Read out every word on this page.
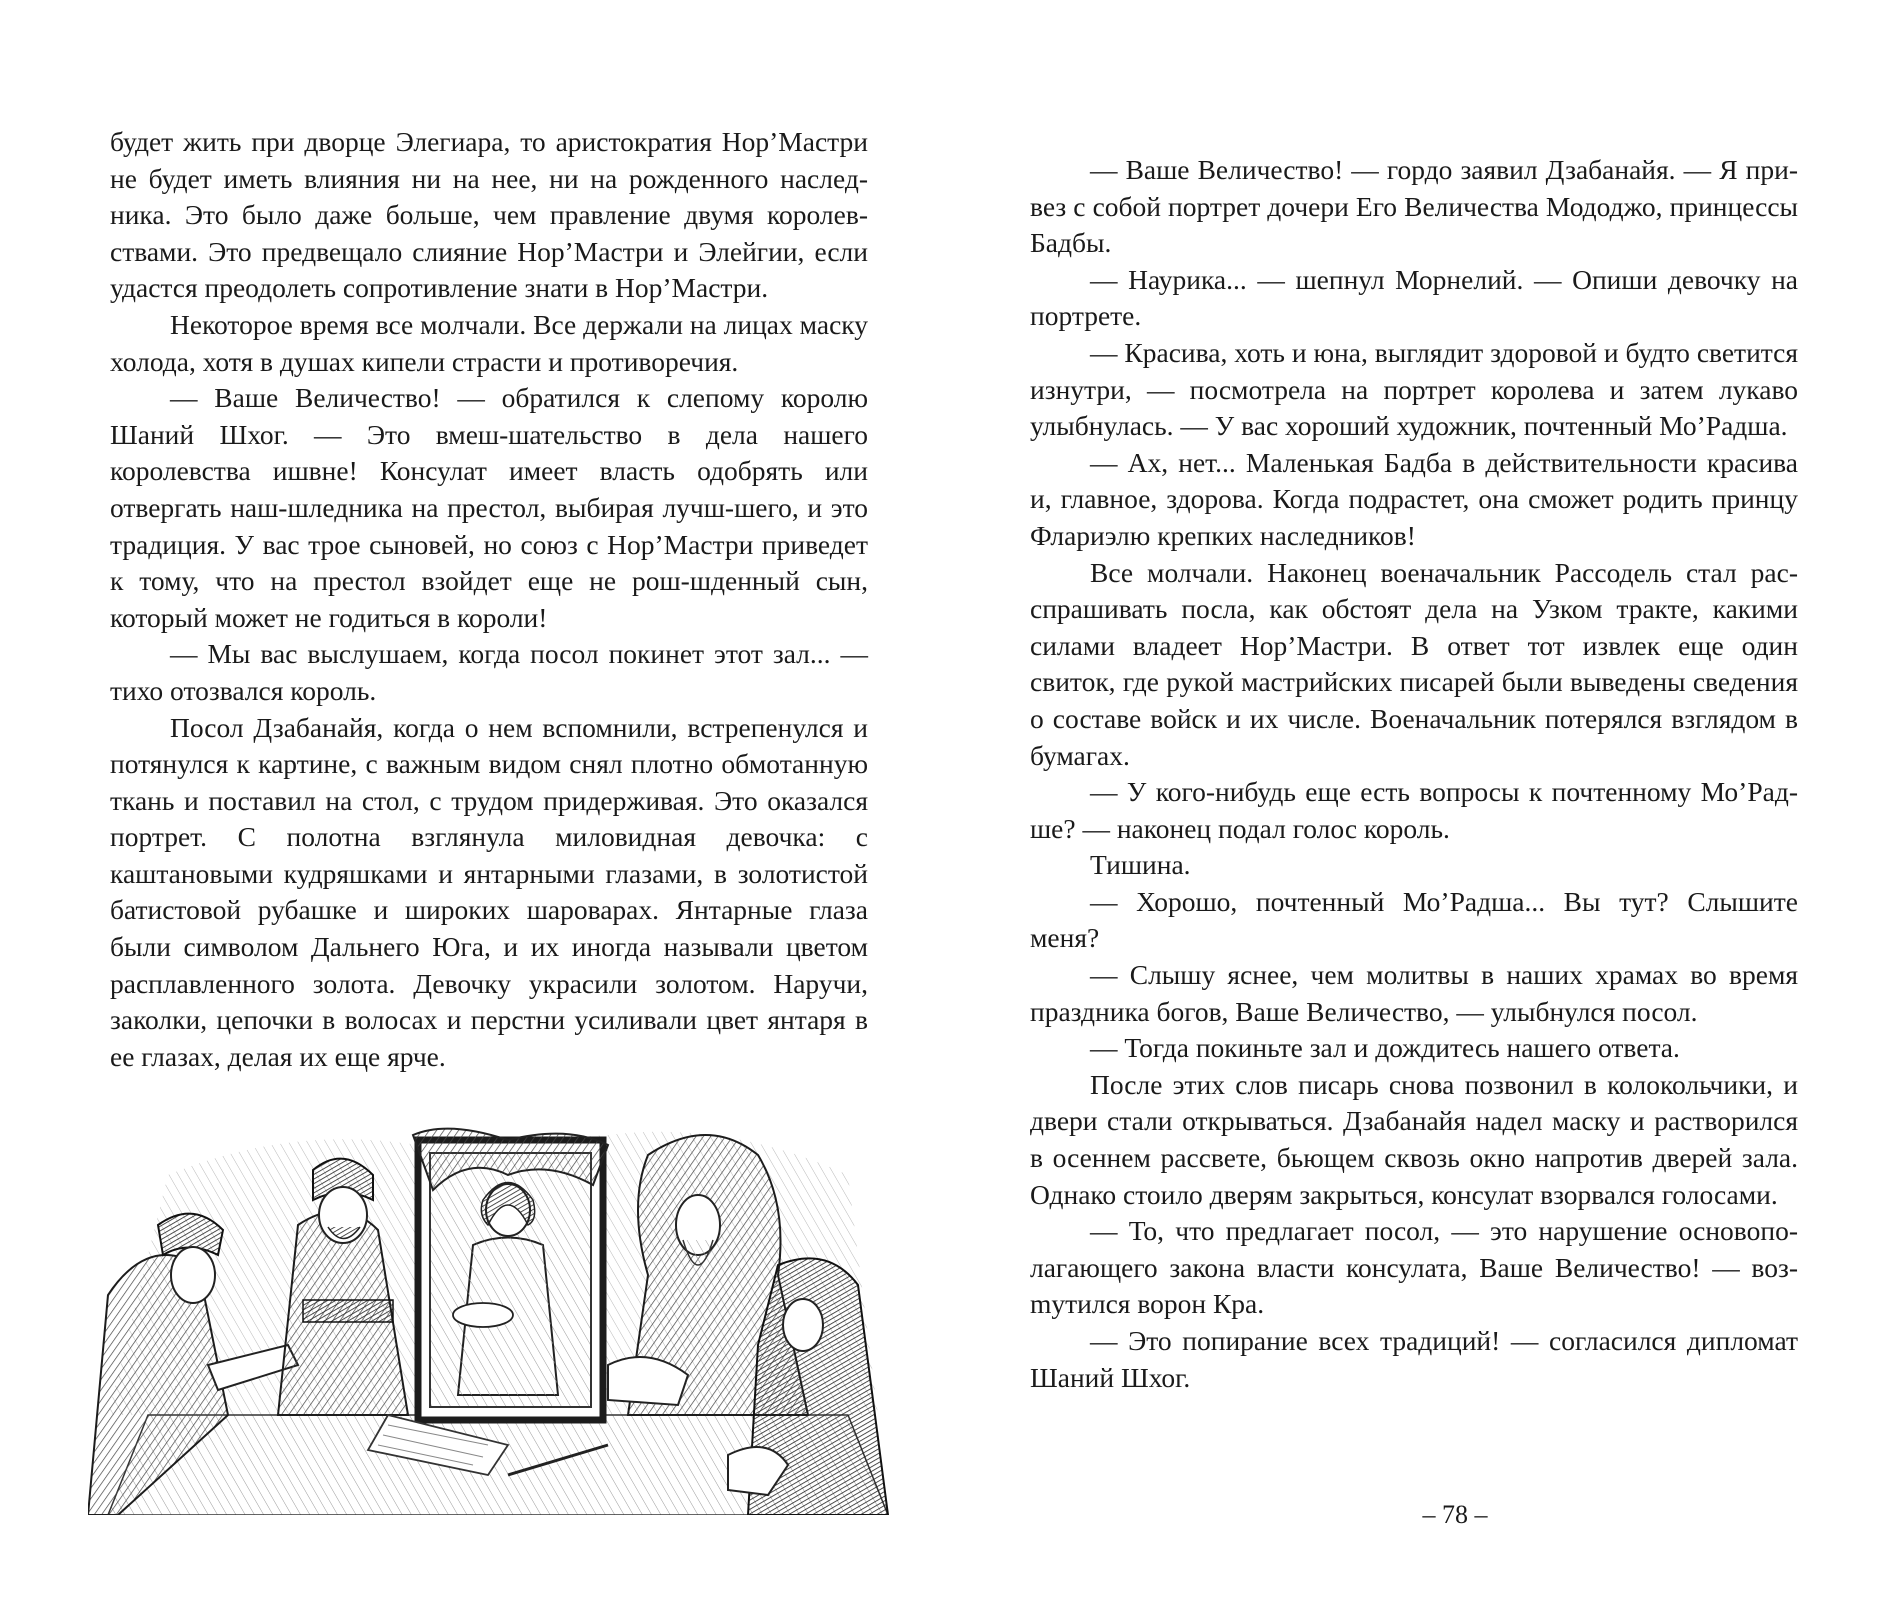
будет жить при дворце Элегиара, то аристократия Нор’Мастри не будет иметь влияния ни на нее, ни на рожденного наследника. Это было даже больше, чем правление двумя королевствами. Это предвещало слияние Нор’Мастри и Элейгии, если удастся преодолеть сопротивление знати в Нор’Мастри.

Некоторое время все молчали. Все держали на лицах маску холода, хотя в душах кипели страсти и противоречия.

— Ваше Величество! — обратился к слепому королю Шаний Шхог. — Это вмеш-шательство в дела нашего королевства ишвне! Консулат имеет власть одобрять или отвергать наш-шледника на престол, выбирая лучш-шего, и это традиция. У вас трое сыновей, но союз с Нор’Мастри приведет к тому, что на престол взойдет еще не рош-шденный сын, который может не годиться в короли!

— Мы вас выслушаем, когда посол покинет этот зал... — тихо отозвался король.

Посол Дзабанайя, когда о нем вспомнили, встрепенулся и потянулся к картине, с важным видом снял плотно обмотанную ткань и поставил на стол, с трудом придерживая. Это оказался портрет. С полотна взглянула миловидная девочка: с каштановыми кудряшками и янтарными глазами, в золотистой батистовой рубашке и широких шароварах. Янтарные глаза были символом Дальнего Юга, и их иногда называли цветом расплавленного золота. Девочку украсили золотом. Наручи, заколки, цепочки в волосах и перстни усиливали цвет янтаря в ее глазах, делая их еще ярче.

— Ваше Величество! — гордо заявил Дзабанайя. — Я привез с собой портрет дочери Его Величества Мододжо, принцессы Бадбы.

— Наурика... — шепнул Морнелий. — Опиши девочку на портрете.

— Красива, хоть и юна, выглядит здоровой и будто светится изнутри, — посмотрела на портрет королева и затем лукаво улыбнулась. — У вас хороший художник, почтенный Мо’Радша.

— Ах, нет... Маленькая Бадба в действительности красива и, главное, здорова. Когда подрастет, она сможет родить принцу Флариэлю крепких наследников!

Все молчали. Наконец военачальник Рассодель стал расспрашивать посла, как обстоят дела на Узком тракте, какими силами владеет Нор’Мастри. В ответ тот извлек еще один свиток, где рукой мастрийских писарей были выведены сведения о составе войск и их числе. Военачальник потерялся взглядом в бумагах.

— У кого-нибудь еще есть вопросы к почтенному Мо’Радше? — наконец подал голос король.

Тишина.

— Хорошо, почтенный Мо’Радша... Вы тут? Слышите меня?

— Слышу яснее, чем молитвы в наших храмах во время праздника богов, Ваше Величество, — улыбнулся посол.

— Тогда покиньте зал и дождитесь нашего ответа.

После этих слов писарь снова позвонил в колокольчики, и двери стали открываться. Дзабанайя надел маску и растворился в осеннем рассвете, бьющем сквозь окно напротив дверей зала. Однако стоило дверям закрыться, консулат взорвался голосами.

— То, что предлагает посол, — это нарушение основополагающего закона власти консулата, Ваше Величество! — возmутился ворон Кра.

— Это попирание всех традиций! — согласился дипломат Шаний Шхог.

– 78 –
